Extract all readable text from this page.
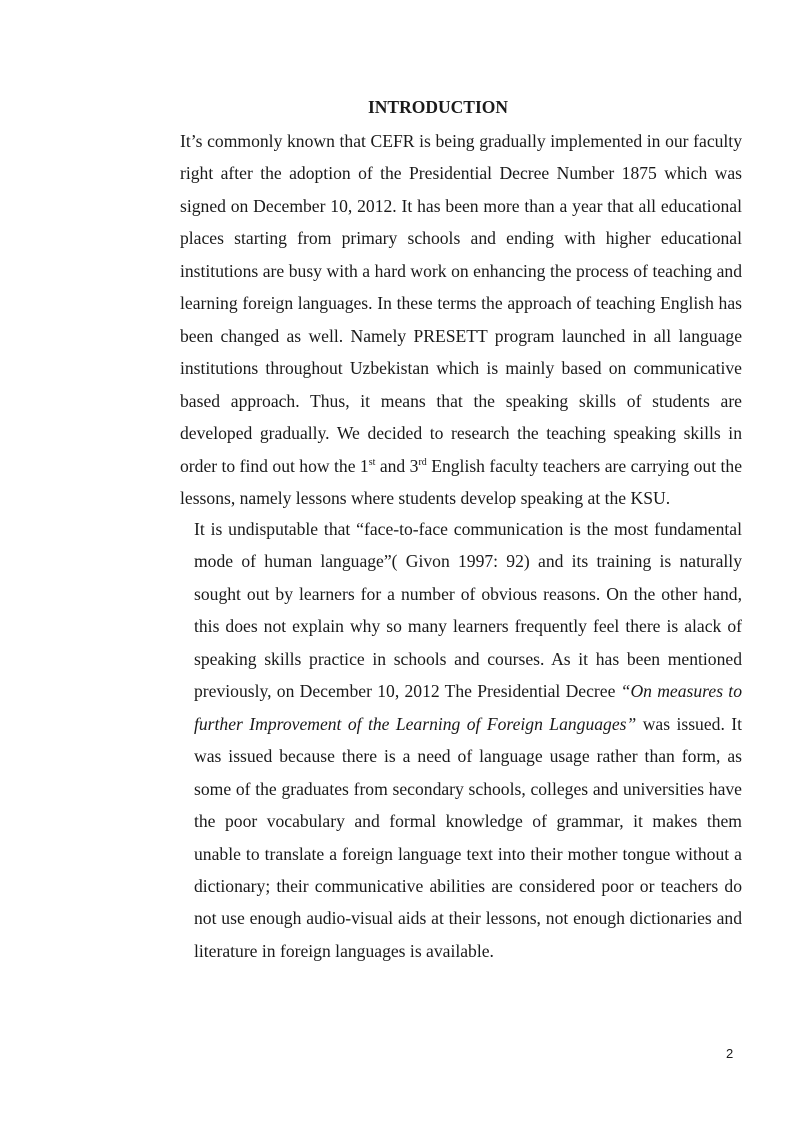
INTRODUCTION

It’s commonly known that CEFR is being gradually implemented in our faculty right after the adoption of the Presidential Decree Number 1875 which was signed on December 10, 2012. It has been more than a year that all educational places starting from primary schools and ending with higher educational institutions are busy with a hard work on enhancing the process of teaching and learning foreign languages. In these terms the approach of teaching English has been changed as well. Namely PRESETT program launched in all language institutions throughout Uzbekistan which is mainly based on communicative based approach. Thus, it means that the speaking skills of students are developed gradually. We decided to research the teaching speaking skills in order to find out how the 1st and 3rd English faculty teachers are carrying out the lessons, namely lessons where students develop speaking at the KSU.

It is undisputable that “face-to-face communication is the most fundamental mode of human language”( Givon 1997: 92) and its training is naturally sought out by learners for a number of obvious reasons. On the other hand, this does not explain why so many learners frequently feel there is alack of speaking skills practice in schools and courses. As it has been mentioned previously, on December 10, 2012 The Presidential Decree “On measures to further Improvement of the Learning of Foreign Languages” was issued. It was issued because there is a need of language usage rather than form, as some of the graduates from secondary schools, colleges and universities have the poor vocabulary and formal knowledge of grammar, it makes them unable to translate a foreign language text into their mother tongue without a dictionary; their communicative abilities are considered poor or teachers do not use enough audio-visual aids at their lessons, not enough dictionaries and literature in foreign languages is available.

2
